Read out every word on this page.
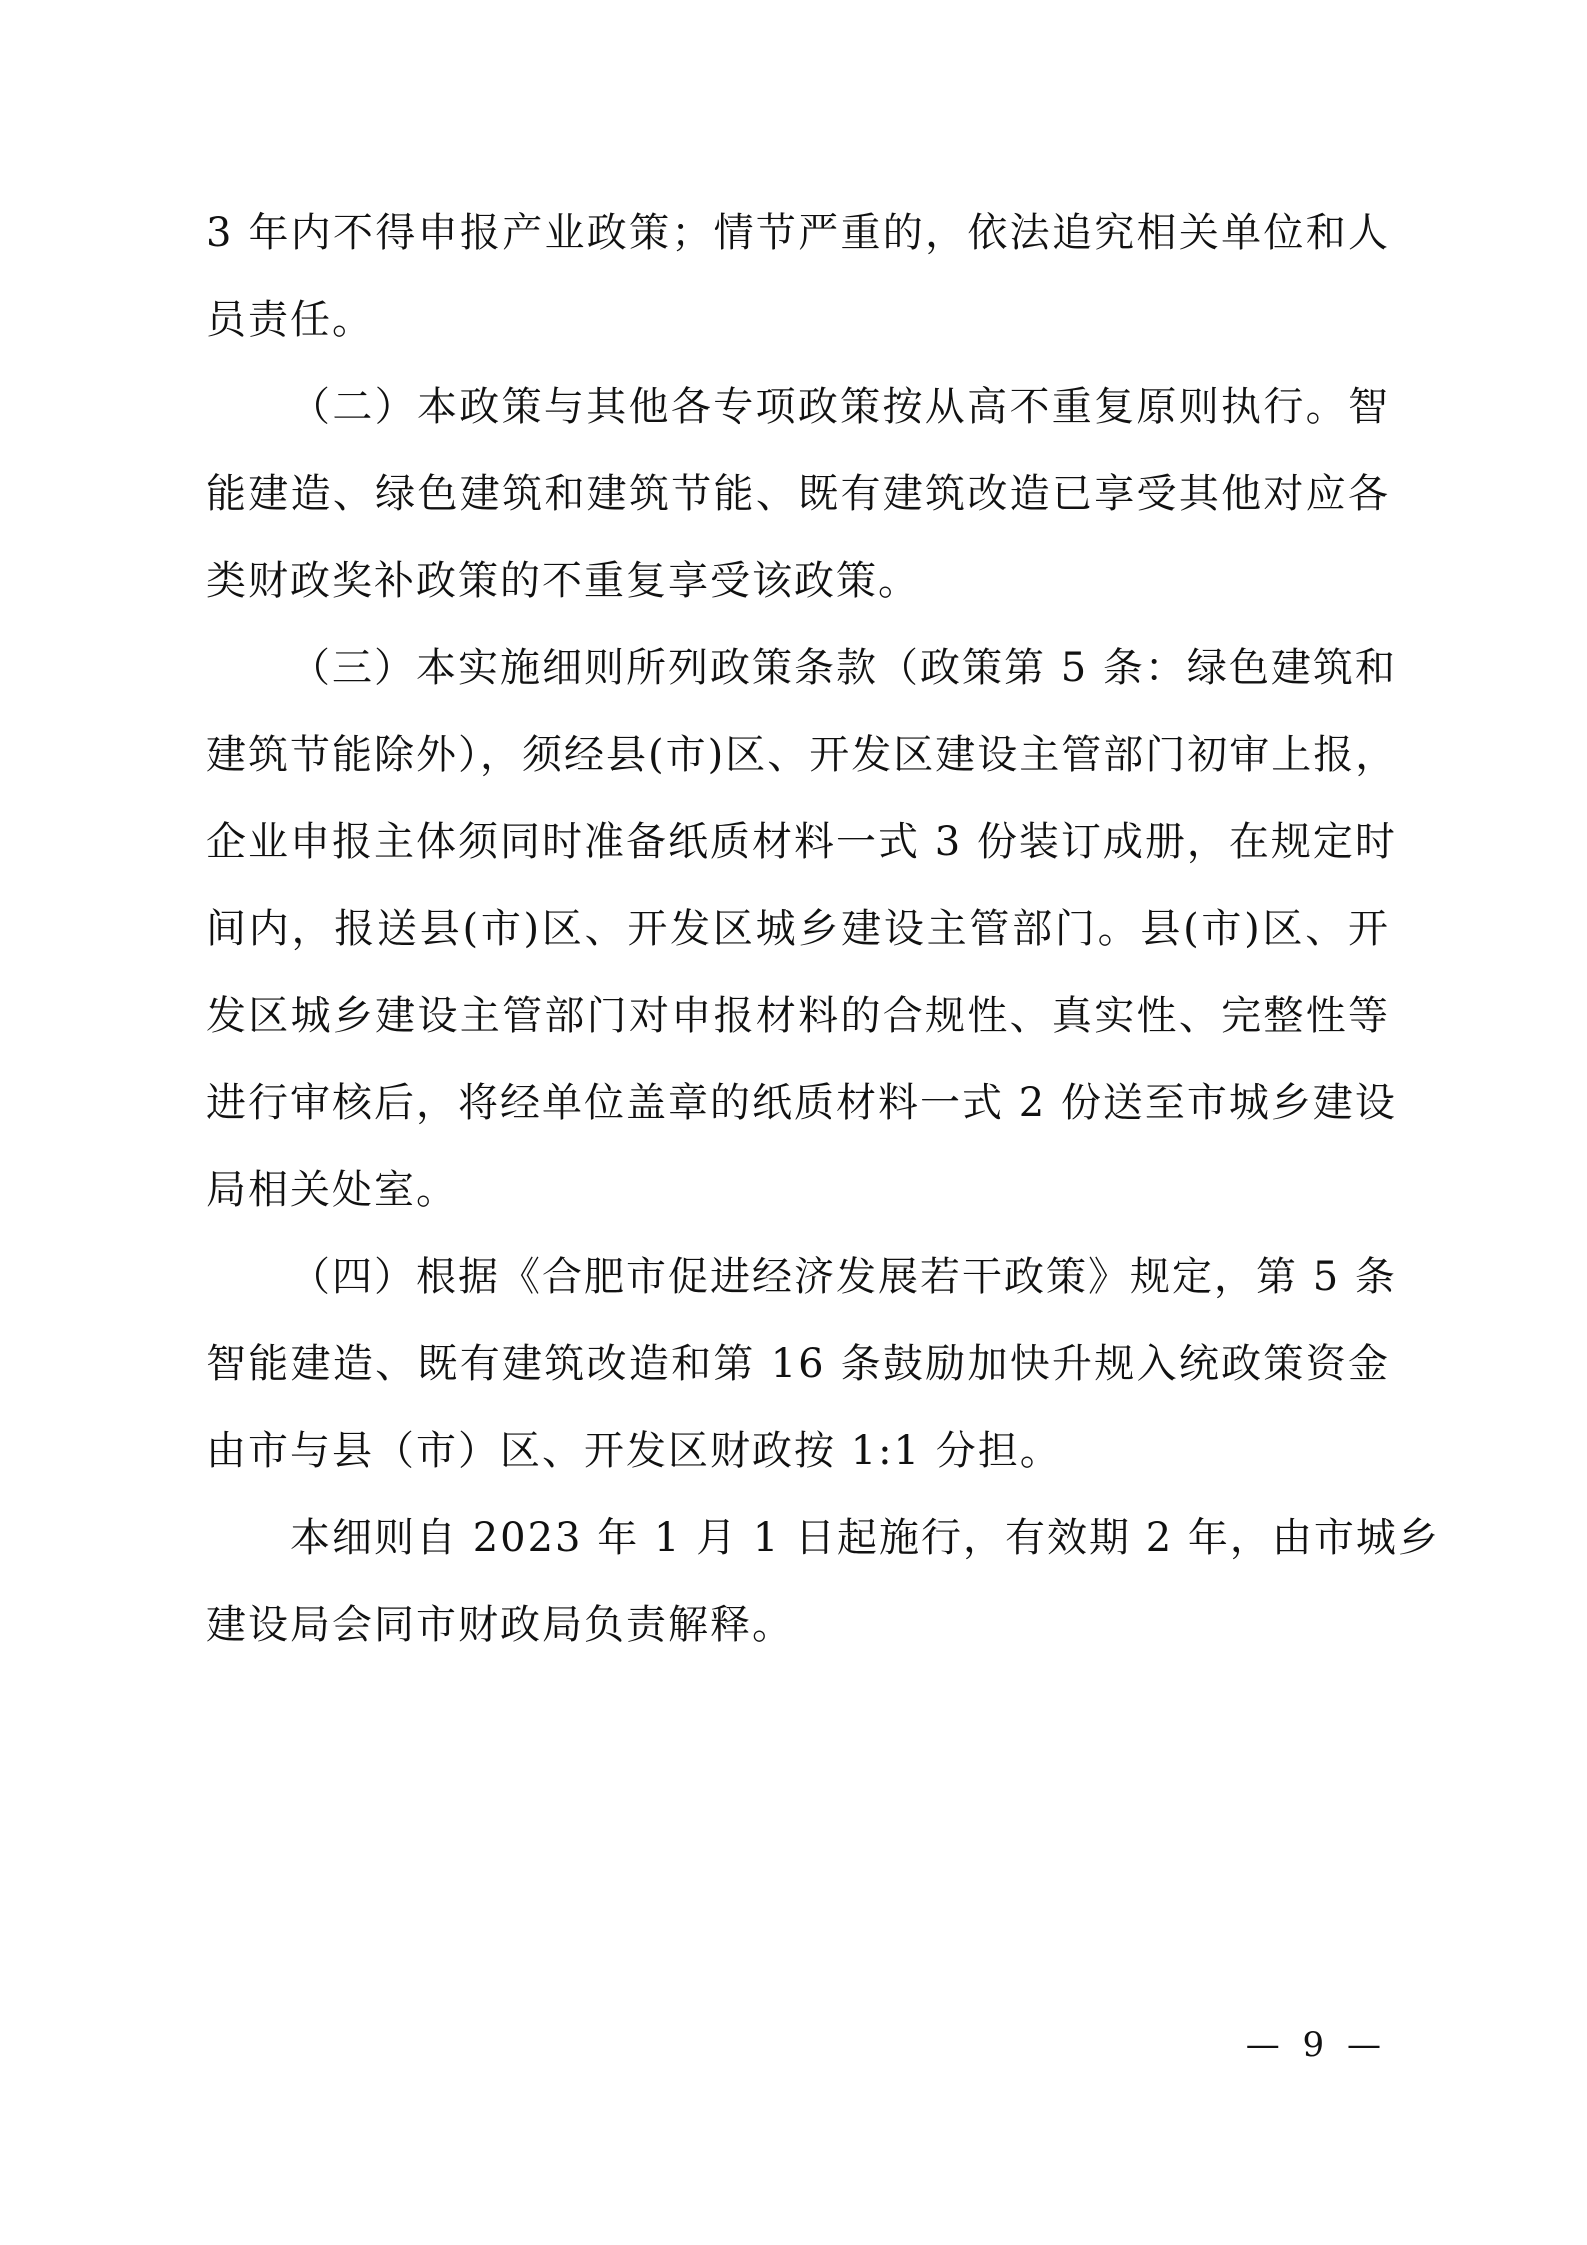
3 年内不得申报产业政策；情节严重的，依法追究相关单位和人
员责任。

（二）本政策与其他各专项政策按从高不重复原则执行。智
能建造、绿色建筑和建筑节能、既有建筑改造已享受其他对应各
类财政奖补政策的不重复享受该政策。

（三）本实施细则所列政策条款（政策第 5 条：绿色建筑和
建筑节能除外），须经县(市)区、开发区建设主管部门初审上报，
企业申报主体须同时准备纸质材料一式 3 份装订成册，在规定时
间内，报送县(市)区、开发区城乡建设主管部门。县(市)区、开
发区城乡建设主管部门对申报材料的合规性、真实性、完整性等
进行审核后，将经单位盖章的纸质材料一式 2 份送至市城乡建设
局相关处室。

（四）根据《合肥市促进经济发展若干政策》规定，第 5 条
智能建造、既有建筑改造和第 16 条鼓励加快升规入统政策资金
由市与县（市）区、开发区财政按 1:1 分担。

本细则自 2023 年 1 月 1 日起施行，有效期 2 年，由市城乡
建设局会同市财政局负责解释。

— 9 —
